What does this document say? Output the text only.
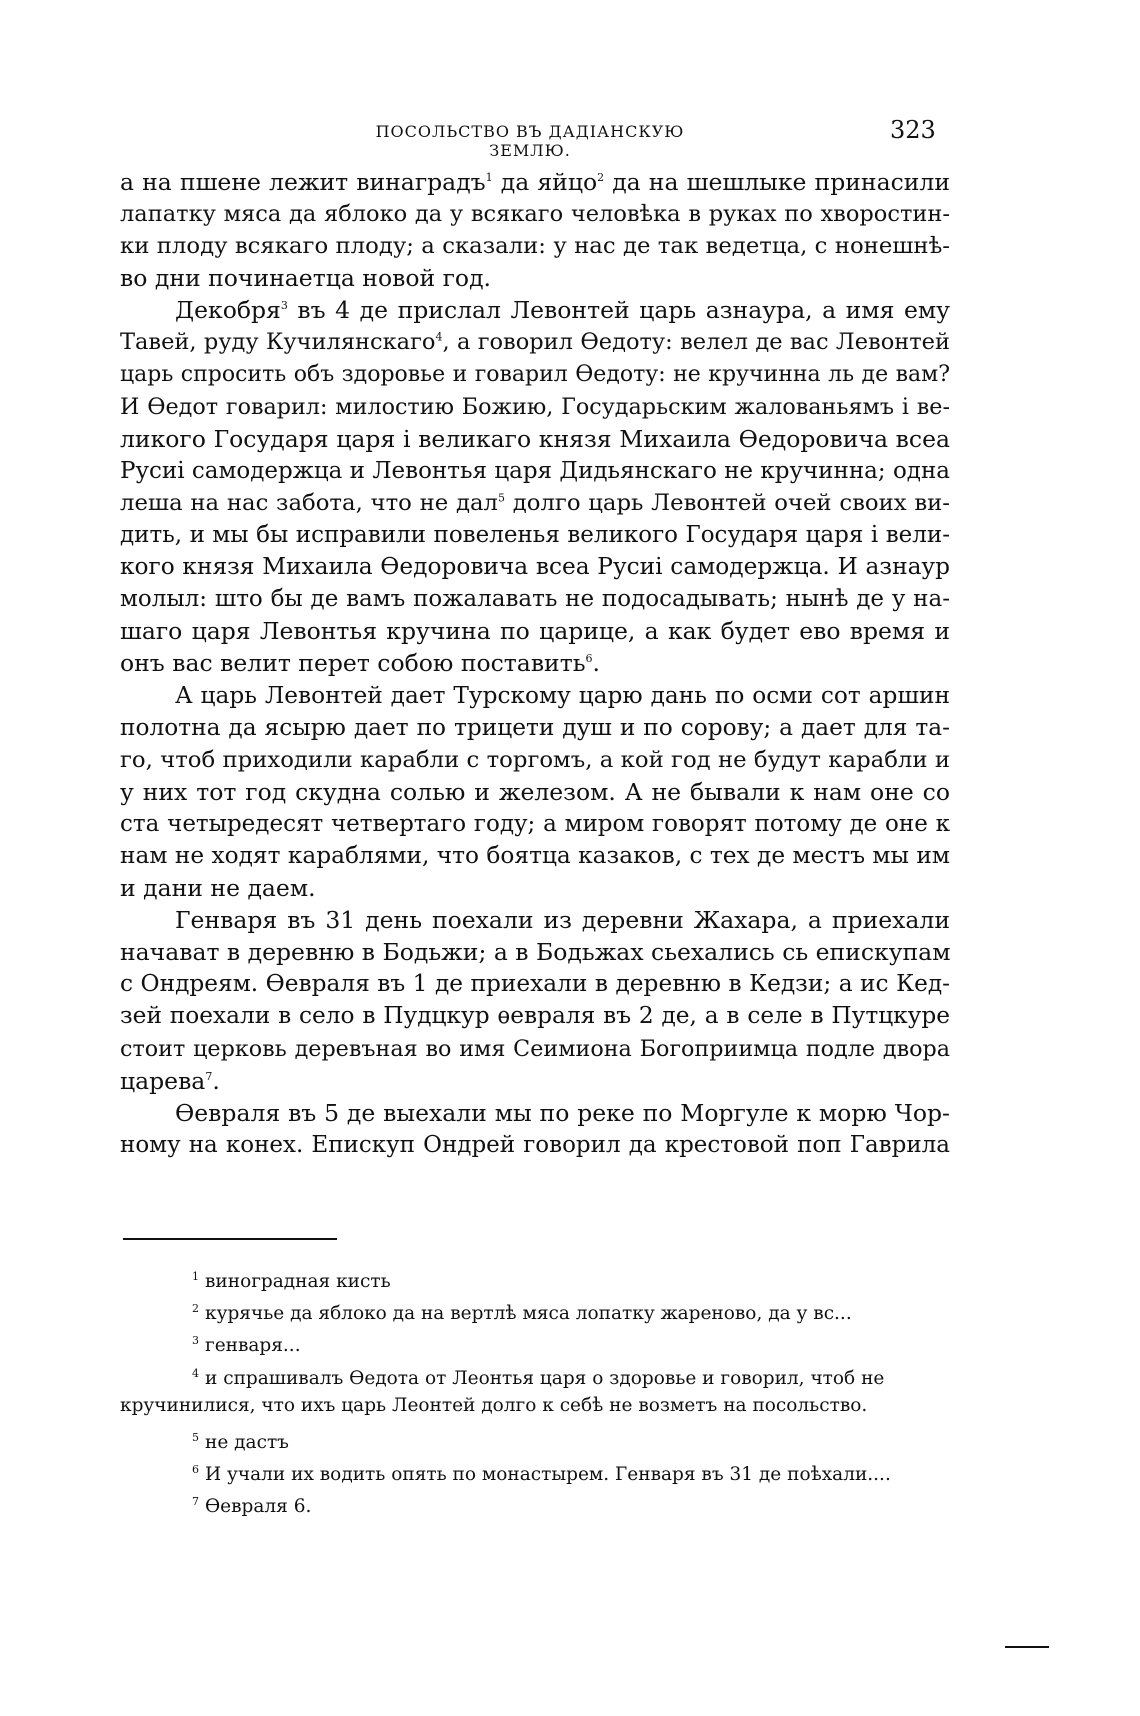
ПОСОЛЬСТВО ВЪ ДАДІАНСКУЮ ЗЕМЛЮ.
323
а на пшене лежит винаградъ$^1$ да яйцо$^2$ да на шешлыке принасили
лапатку мяса да яблоко да у всякаго человѣка в руках по хворостин-
ки плоду всякаго плоду; а сказали: у нас де так ведетца, с нонешнѣ-
во дни починаетца новой год.
Декобря$^3$ въ 4 де прислал Левонтей царь азнаура, а имя ему
Тавей, руду Кучилянскаго$^4$, а говорил Ѳедоту: велел де вас Левонтей
царь спросить объ здоровье и говарил Ѳедоту: не кручинна ль де вам?
И Ѳедот говарил: милостию Божию, Государьским жалованьямъ і ве-
ликого Государя царя і великаго князя Михаила Ѳедоровича всеа
Русиі самодержца и Левонтья царя Дидьянскаго не кручинна; одна
леша на нас забота, что не дал$^5$ долго царь Левонтей очей своих ви-
дить, и мы бы исправили повеленья великого Государя царя і вели-
кого князя Михаила Ѳедоровича всеа Русиі самодержца. И азнаур
молыл: што бы де вамъ пожалавать не подосадывать; нынѣ де у на-
шаго царя Левонтья кручина по царице, а как будет ево время и
онъ вас велит перет собою поставить$^6$.
А царь Левонтей дает Турскому царю дань по осми сот аршин
полотна да ясырю дает по трицети душ и по сорову; а дает для та-
го, чтоб приходили карабли с торгомъ, а кой год не будут карабли и
у них тот год скудна солью и железом. А не бывали к нам оне со
ста четыредесят четвертаго году; а миром говорят потому де оне к
нам не ходят караблями, что боятца казаков, с тех де местъ мы им
и дани не даем.
Генваря въ 31 день поехали из деревни Жахара, а приехали
начават в деревню в Бодьжи; а в Бодьжах сьехались сь епискупам
с Ондреям. Ѳевраля въ 1 де приехали в деревню в Кедзи; а ис Кед-
зей поехали в село в Пудцкур ѳевраля въ 2 де, а в селе в Путцкуре
стоит церковь деревъная во имя Сеимиона Богоприимца подле двора
царева$^7$.
Ѳевраля въ 5 де выехали мы по реке по Моргуле к морю Чор-
ному на конех. Епискуп Ондрей говорил да крестовой поп Гаврила
$^1$ виноградная кисть
$^2$ курячье да яблоко да на вертлѣ мяса лопатку жареново, да у вс...
$^3$ генваря...
$^4$ и спрашивалъ Ѳедота от Леонтья царя о здоровье и говорил, чтоб не
кручинилися, что ихъ царь Леонтей долго к себѣ не возметъ на посольство.
$^5$ не дастъ
$^6$ И учали их водить опять по монастырем. Генваря въ 31 де поѣхали....
$^7$ Ѳевраля 6.
